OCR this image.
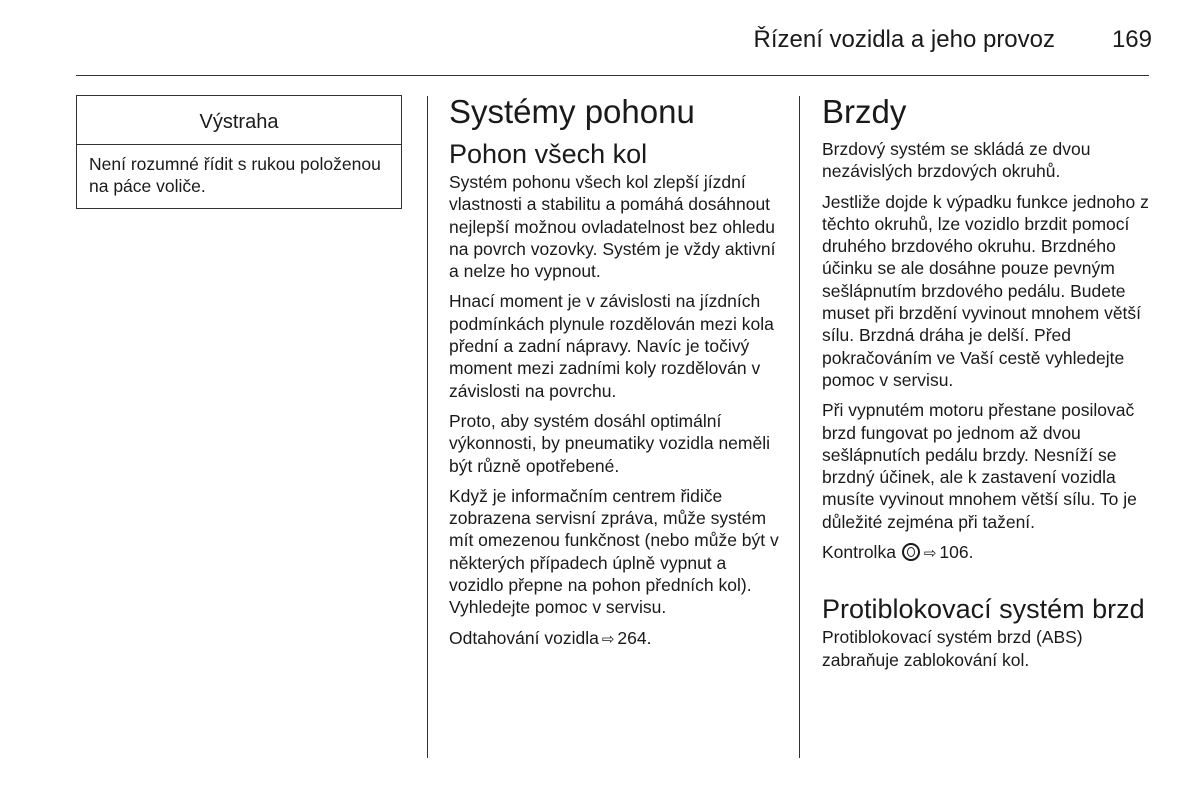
Řízení vozidla a jeho provoz 169
Výstraha
Není rozumné řídit s rukou položenou na páce voliče.
Systémy pohonu
Pohon všech kol

Systém pohonu všech kol zlepší jízdní vlastnosti a stabilitu a pomáhá dosáhnout nejlepší možnou ovladatelnost bez ohledu na povrch vozovky. Systém je vždy aktivní a nelze ho vypnout.

Hnací moment je v závislosti na jízdních podmínkách plynule rozdělován mezi kola přední a zadní nápravy. Navíc je točivý moment mezi zadními koly rozdělován v závislosti na povrchu.

Proto, aby systém dosáhl optimální výkonnosti, by pneumatiky vozidla neměli být různě opotřebené.

Když je informačním centrem řidiče zobrazena servisní zpráva, může systém mít omezenou funkčnost (nebo může být v některých případech úplně vypnut a vozidlo přepne na pohon předních kol). Vyhledejte pomoc v servisu.

Odtahování vozidla ⇨ 264.

Brzdy

Brzdový systém se skládá ze dvou nezávislých brzdových okruhů.

Jestliže dojde k výpadku funkce jednoho z těchto okruhů, lze vozidlo brzdit pomocí druhého brzdového okruhu. Brzdného účinku se ale dosáhne pouze pevným sešlápnutím brzdového pedálu. Budete muset při brzdění vyvinout mnohem větší sílu. Brzdná dráha je delší. Před pokračováním ve Vaší cestě vyhledejte pomoc v servisu.

Při vypnutém motoru přestane posilovač brzd fungovat po jednom až dvou sešlápnutích pedálu brzdy. Nesníží se brzdný účinek, ale k zastavení vozidla musíte vyvinout mnohem větší sílu. To je důležité zejména při tažení.

Kontrolka ⇨ 106.

Protiblokovací systém brzd

Protiblokovací systém brzd (ABS) zabraňuje zablokování kol.
